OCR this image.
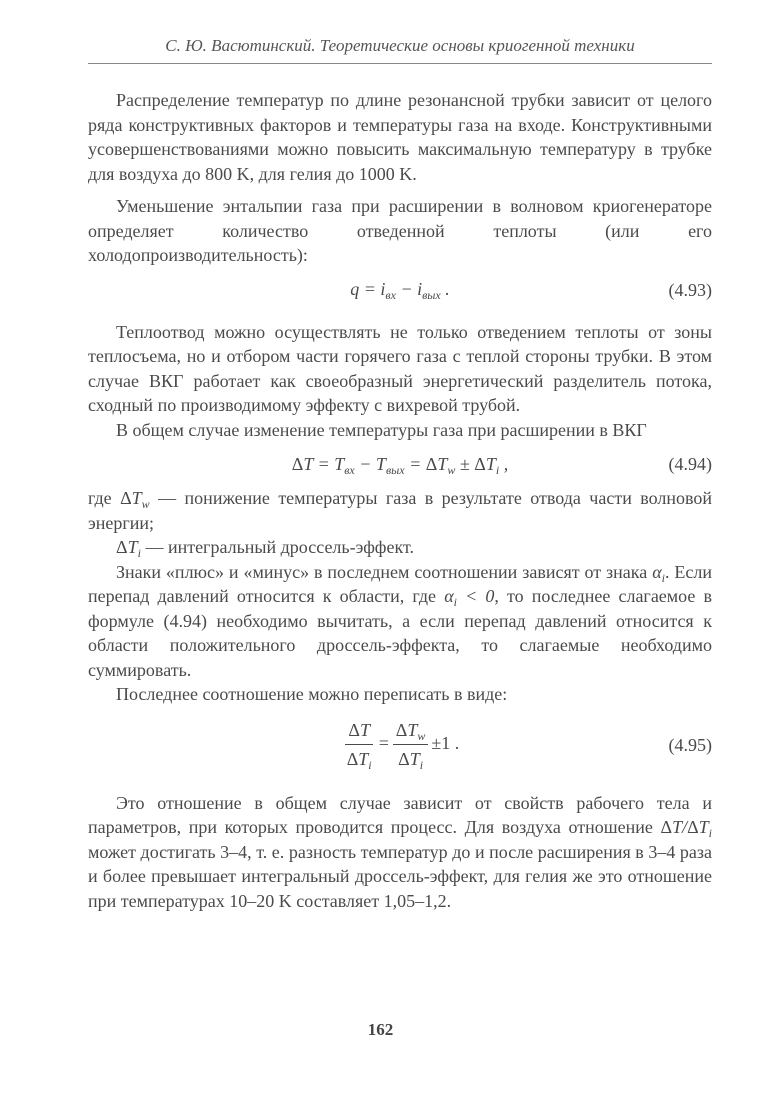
С. Ю. Васютинский. Теоретические основы криогенной техники

Распределение температур по длине резонансной трубки зависит от целого ряда конструктивных факторов и температуры газа на входе. Конструктивными усовершенствованиями можно повысить максимальную температуру в трубке для воздуха до 800 K, для гелия до 1000 K.

Уменьшение энтальпии газа при расширении в волновом криогенераторе определяет количество отведенной теплоты (или его холодопроизводительность):

$q = i_{вх} - i_{вых}$ .	(4.93)

Теплоотвод можно осуществлять не только отведением теплоты от зоны теплосъема, но и отбором части горячего газа с теплой стороны трубки. В этом случае ВКГ работает как своеобразный энергетический разделитель потока, сходный по производимому эффекту с вихревой трубой.

В общем случае изменение температуры газа при расширении в ВКГ

$\Delta T = T_{вх} - T_{вых} = \Delta T_w \pm \Delta T_i$ ,	(4.94)

где $\Delta T_w$ — понижение температуры газа в результате отвода части волновой энергии;

$\Delta T_i$ — интегральный дроссель-эффект.

Знаки «плюс» и «минус» в последнем соотношении зависят от знака $\alpha_i$. Если перепад давлений относится к области, где $\alpha_i < 0$, то последнее слагаемое в формуле (4.94) необходимо вычитать, а если перепад давлений относится к области положительного дроссель-эффекта, то слагаемые необходимо суммировать.

Последнее соотношение можно переписать в виде:

$\frac{\Delta T}{\Delta T_i} = \frac{\Delta T_w}{\Delta T_i} \pm 1$ .	(4.95)

Это отношение в общем случае зависит от свойств рабочего тела и параметров, при которых проводится процесс. Для воздуха отношение $\Delta T/\Delta T_i$ может достигать 3–4, т. е. разность температур до и после расширения в 3–4 раза и более превышает интегральный дроссель-эффект, для гелия же это отношение при температурах 10–20 K составляет 1,05–1,2.

162
